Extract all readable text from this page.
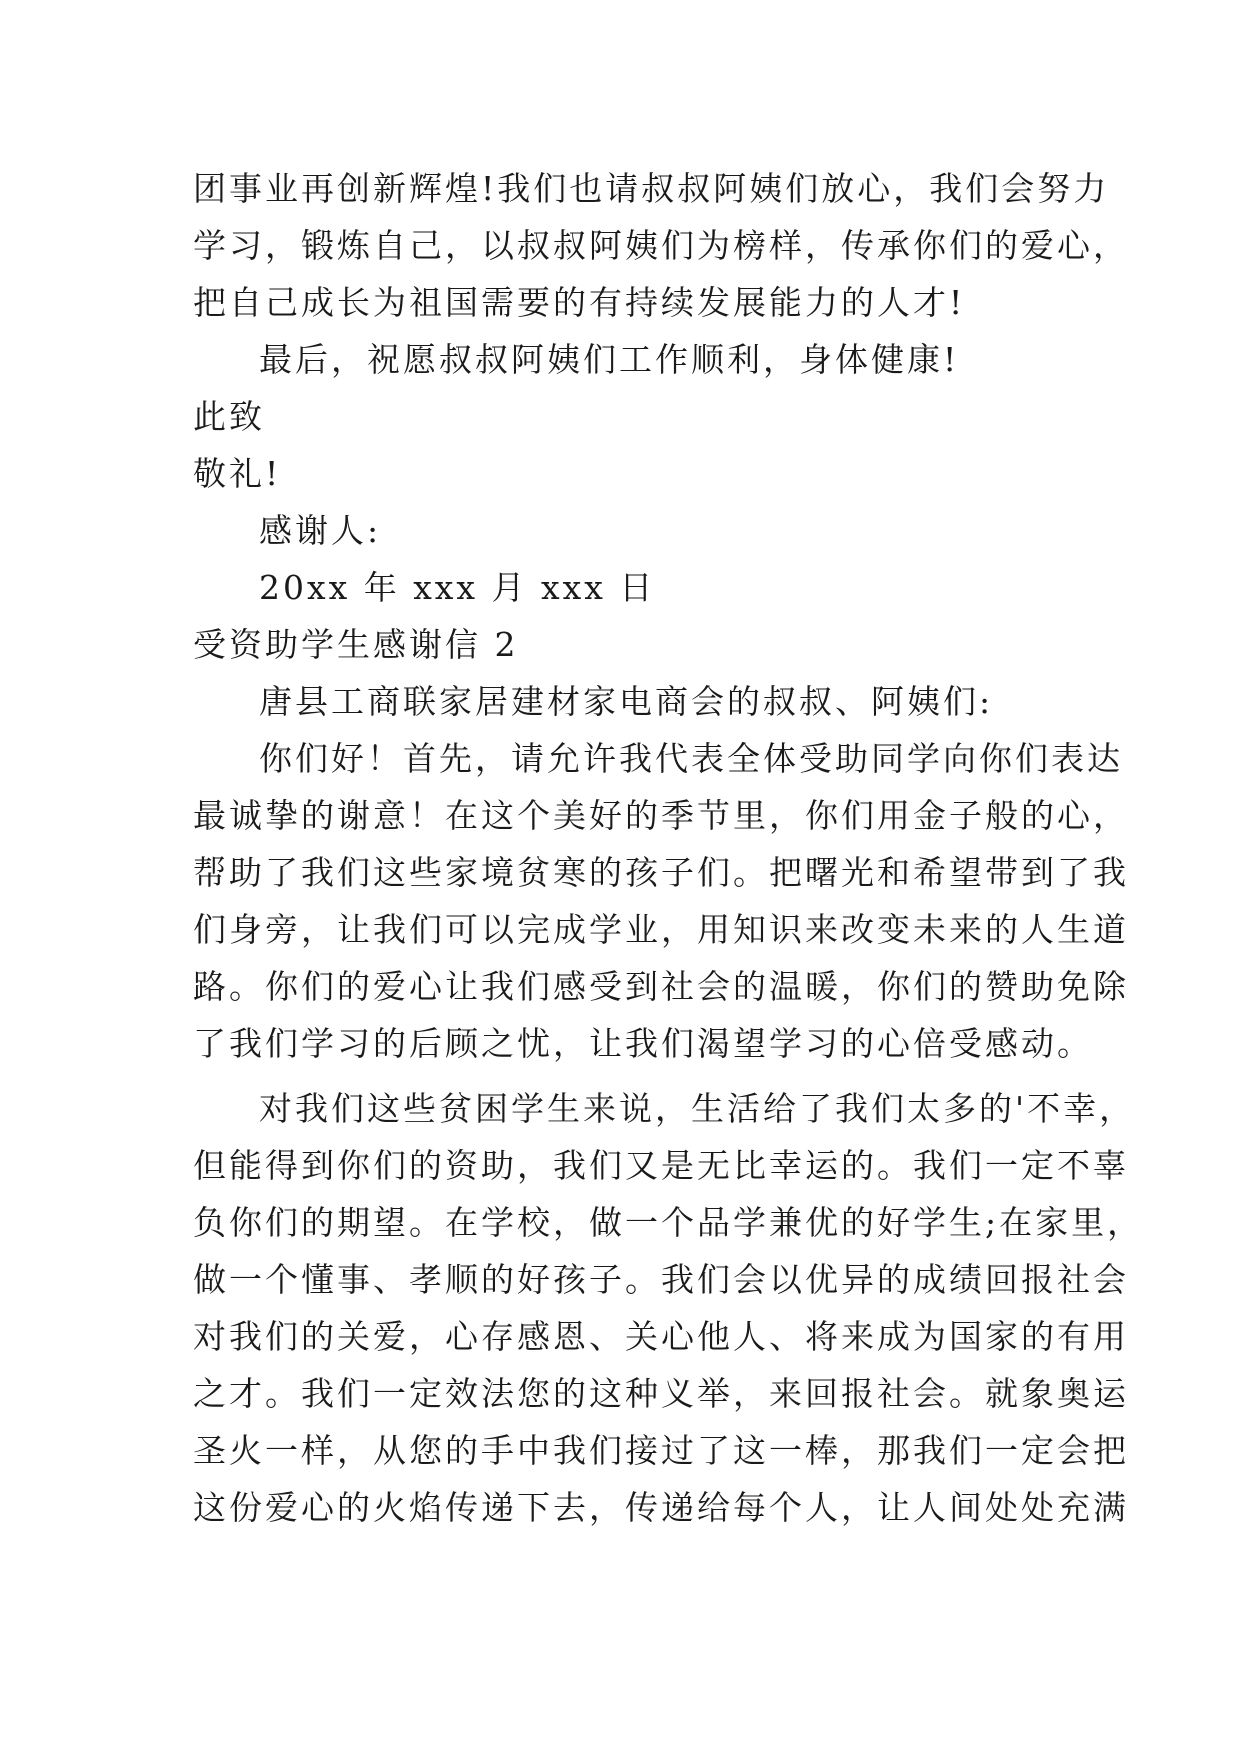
团事业再创新辉煌!我们也请叔叔阿姨们放心，我们会努力

学习，锻炼自己，以叔叔阿姨们为榜样，传承你们的爱心，

把自己成长为祖国需要的有持续发展能力的人才!

最后，祝愿叔叔阿姨们工作顺利，身体健康!

此致

敬礼!

感谢人:

20xx 年 xxx 月 xxx 日

受资助学生感谢信 2

唐县工商联家居建材家电商会的叔叔、阿姨们:

你们好！首先，请允许我代表全体受助同学向你们表达

最诚挚的谢意！在这个美好的季节里，你们用金子般的心，

帮助了我们这些家境贫寒的孩子们。把曙光和希望带到了我

们身旁，让我们可以完成学业，用知识来改变未来的人生道

路。你们的爱心让我们感受到社会的温暖，你们的赞助免除

了我们学习的后顾之忧，让我们渴望学习的心倍受感动。

对我们这些贫困学生来说，生活给了我们太多的'不幸，

但能得到你们的资助，我们又是无比幸运的。我们一定不辜

负你们的期望。在学校，做一个品学兼优的好学生;在家里，

做一个懂事、孝顺的好孩子。我们会以优异的成绩回报社会

对我们的关爱，心存感恩、关心他人、将来成为国家的有用

之才。我们一定效法您的这种义举，来回报社会。就象奥运

圣火一样，从您的手中我们接过了这一棒，那我们一定会把

这份爱心的火焰传递下去，传递给每个人，让人间处处充满
